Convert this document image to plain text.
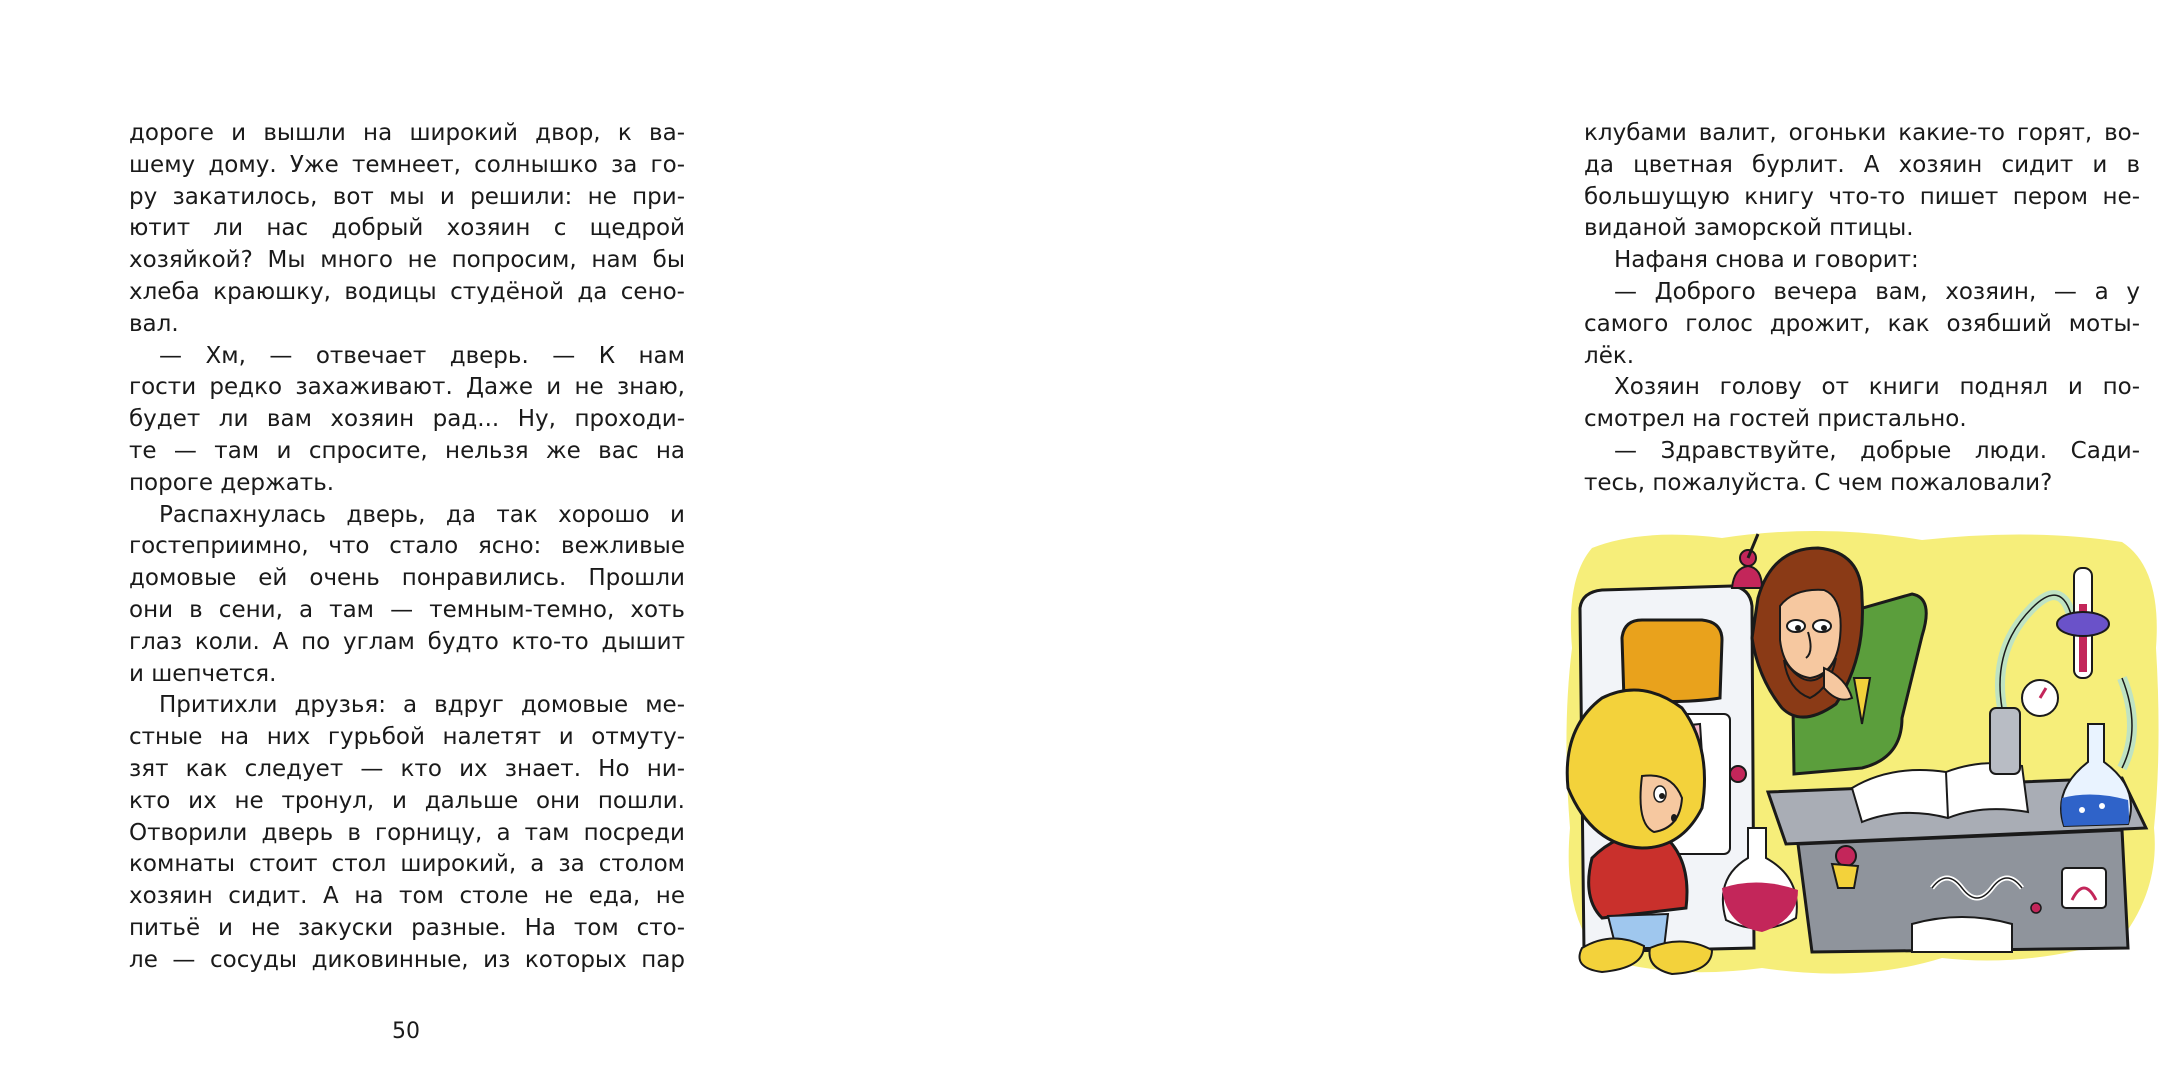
дороге и вышли на широкий двор, к ва-
шему дому. Уже темнеет, солнышко за го-
ру закатилось, вот мы и решили: не при-
ютит ли нас добрый хозяин с щедрой
хозяйкой? Мы много не попросим, нам бы
хлеба краюшку, водицы студёной да сено-
вал.
— Хм, — отвечает дверь. — К нам
гости редко захаживают. Даже и не знаю,
будет ли вам хозяин рад... Ну, проходи-
те — там и спросите, нельзя же вас на
пороге держать.
Распахнулась дверь, да так хорошо и
гостеприимно, что стало ясно: вежливые
домовые ей очень понравились. Прошли
они в сени, а там — темным-темно, хоть
глаз коли. А по углам будто кто-то дышит
и шепчется.
Притихли друзья: а вдруг домовые ме-
стные на них гурьбой налетят и отмуту-
зят как следует — кто их знает. Но ни-
кто их не тронул, и дальше они пошли.
Отворили дверь в горницу, а там посреди
комнаты стоит стол широкий, а за столом
хозяин сидит. А на том столе не еда, не
питьё и не закуски разные. На том сто-
ле — сосуды диковинные, из которых пар
50
клубами валит, огоньки какие-то горят, во-
да цветная бурлит. А хозяин сидит и в
большущую книгу что-то пишет пером не-
виданой заморской птицы.
Нафаня снова и говорит:
— Доброго вечера вам, хозяин, — а у
самого голос дрожит, как озябший моты-
лёк.
Хозяин голову от книги поднял и по-
смотрел на гостей пристально.
— Здравствуйте, добрые люди. Сади-
тесь, пожалуйста. С чем пожаловали?
